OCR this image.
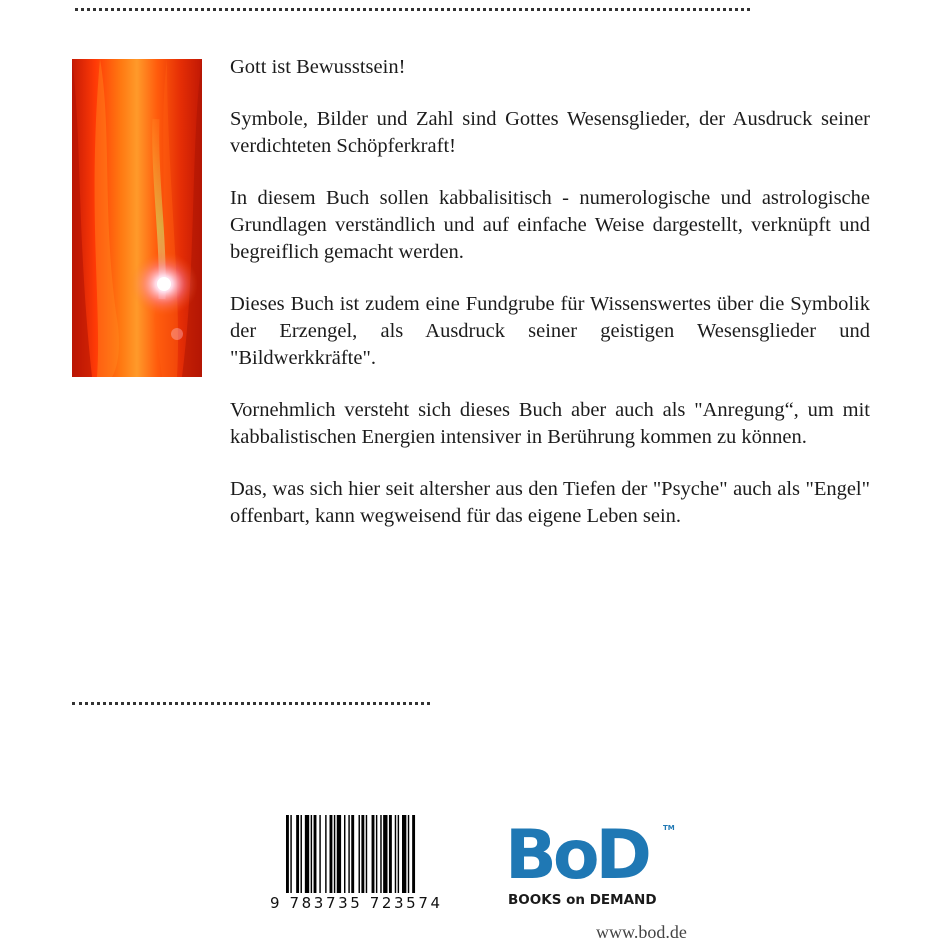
Gott ist Bewusstsein!

Symbole, Bilder und Zahl sind Gottes Wesensglieder, der Ausdruck seiner verdichteten Schöpferkraft!

In diesem Buch sollen kabbalisitisch - numerologische und astrologische Grundlagen verständlich und auf einfache Weise dargestellt, verknüpft und begreiflich gemacht werden.

Dieses Buch ist zudem eine Fundgrube für Wissenswertes über die Symbolik der Erzengel, als Ausdruck seiner geistigen Wesensglieder und "Bildwerkkräfte".

Vornehmlich versteht sich dieses Buch aber auch als "Anregung“, um mit kabbalistischen Energien intensiver in Berührung kommen zu können.

Das, was sich hier seit altersher aus den Tiefen der "Psyche" auch als "Engel" offenbart, kann wegweisend für das eigene Leben sein.

9 783735 723574
BoD TM
BOOKS on DEMAND
www.bod.de
